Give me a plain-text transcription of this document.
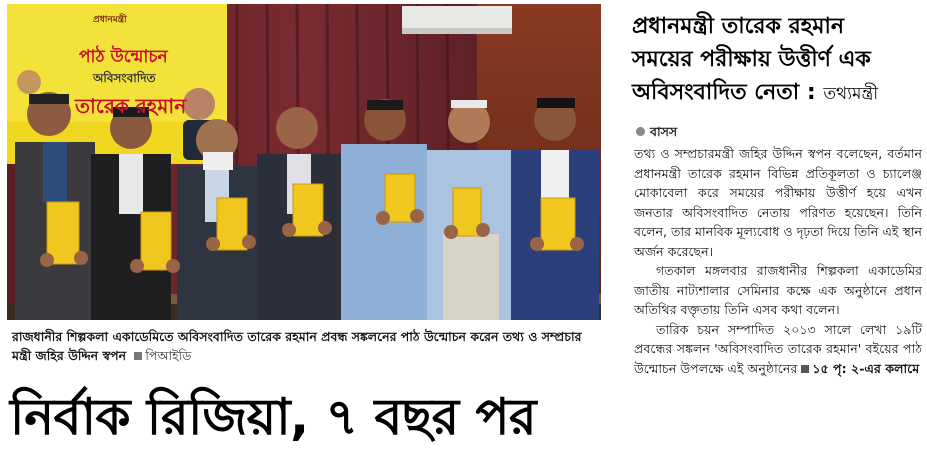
প্রধানমন্ত্রী
পাঠ উন্মোচন
অবিসংবাদিত
তারেক রহমান
রাজধানীর শিল্পকলা একাডেমিতে অবিসংবাদিত তারেক রহমান প্রবন্ধ সঙ্কলনের পাঠ উন্মোচন করেন তথ্য ও সম্প্রচার মন্ত্রী জহির উদ্দিন স্বপন পিআইডি
নির্বাক রিজিয়া, ৭ বছর পর
প্রধানমন্ত্রী তারেক রহমান
সময়ের পরীক্ষায় উত্তীর্ণ এক
অবিসংবাদিত নেতা : তথ্যমন্ত্রী
বাসস

তথ্য ও সম্প্রচারমন্ত্রী জহির উদ্দিন স্বপন বলেছেন, বর্তমান প্রধানমন্ত্রী তারেক রহমান বিভিন্ন প্রতিকূলতা ও চ্যালেঞ্জ মোকাবেলা করে সময়ের পরীক্ষায় উত্তীর্ণ হয়ে এখন জনতার অবিসংবাদিত নেতায় পরিণত হয়েছেন। তিনি বলেন, তার মানবিক মূল্যবোধ ও দৃঢ়তা দিয়ে তিনি এই স্থান অর্জন করেছেন।

গতকাল মঙ্গলবার রাজধানীর শিল্পকলা একাডেমির জাতীয় নাট্যশালার সেমিনার কক্ষে এক অনুষ্ঠানে প্রধান অতিথির বক্তৃতায় তিনি এসব কথা বলেন।

তারিক চয়ন সম্পাদিত ২০১৩ সালে লেখা ১৯টি প্রবন্ধের সঙ্কলন 'অবিসংবাদিত তারেক রহমান' বইয়ের পাঠ উন্মোচন উপলক্ষে এই অনুষ্ঠানের ১৫ পৃ: ২-এর কলামে
